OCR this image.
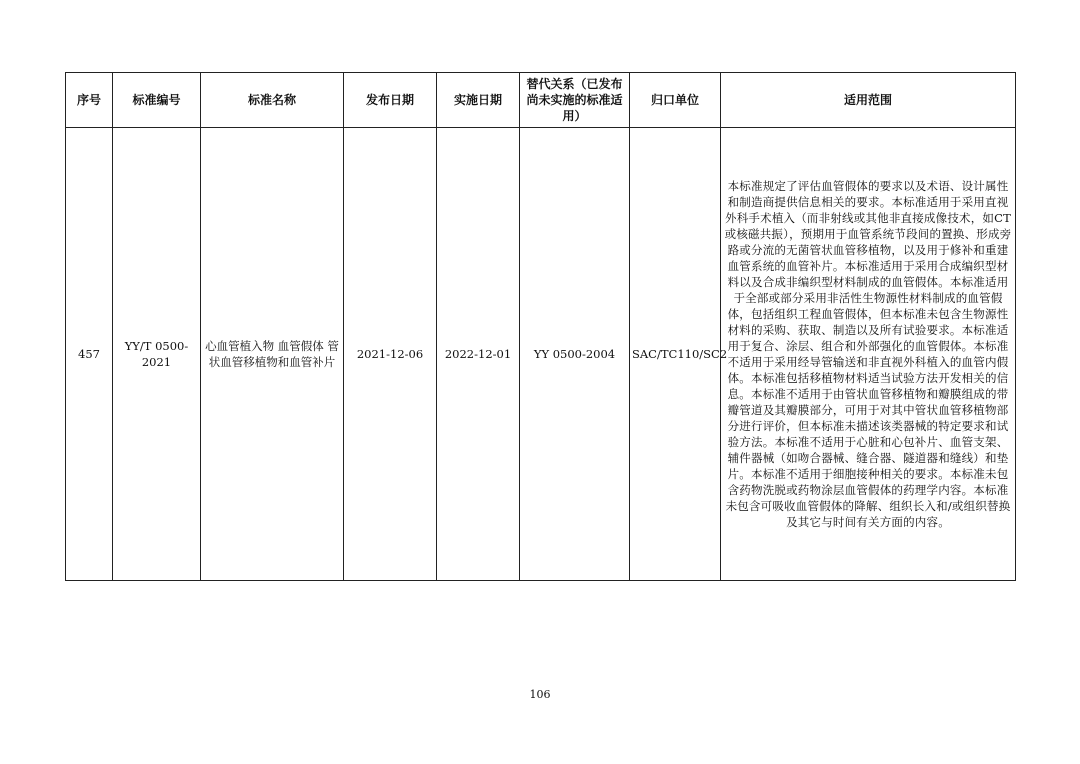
序号	标准编号	标准名称	发布日期	实施日期	替代关系（已发布尚未实施的标准适用）	归口单位	适用范围
457	YY/T 0500-2021	心血管植入物 血管假体 管状血管移植物和血管补片	2021-12-06	2022-12-01	YY 0500-2004	SAC/TC110/SC2	本标准规定了评估血管假体的要求以及术语、设计属性和制造商提供信息相关的要求。本标准适用于采用直视外科手术植入（而非射线或其他非直接成像技术，如CT或核磁共振），预期用于血管系统节段间的置换、形成旁路或分流的无菌管状血管移植物，以及用于修补和重建血管系统的血管补片。本标准适用于采用合成编织型材料以及合成非编织型材料制成的血管假体。本标准适用于全部或部分采用非活性生物源性材料制成的血管假体，包括组织工程血管假体，但本标准未包含生物源性材料的采购、获取、制造以及所有试验要求。本标准适用于复合、涂层、组合和外部强化的血管假体。本标准不适用于采用经导管输送和非直视外科植入的血管内假体。本标准包括移植物材料适当试验方法开发相关的信息。本标准不适用于由管状血管移植物和瓣膜组成的带瓣管道及其瓣膜部分，可用于对其中管状血管移植物部分进行评价，但本标准未描述该类器械的特定要求和试验方法。本标准不适用于心脏和心包补片、血管支架、辅件器械（如吻合器械、缝合器、隧道器和缝线）和垫片。本标准不适用于细胞接种相关的要求。本标准未包含药物洗脱或药物涂层血管假体的药理学内容。本标准未包含可吸收血管假体的降解、组织长入和/或组织替换及其它与时间有关方面的内容。
106
